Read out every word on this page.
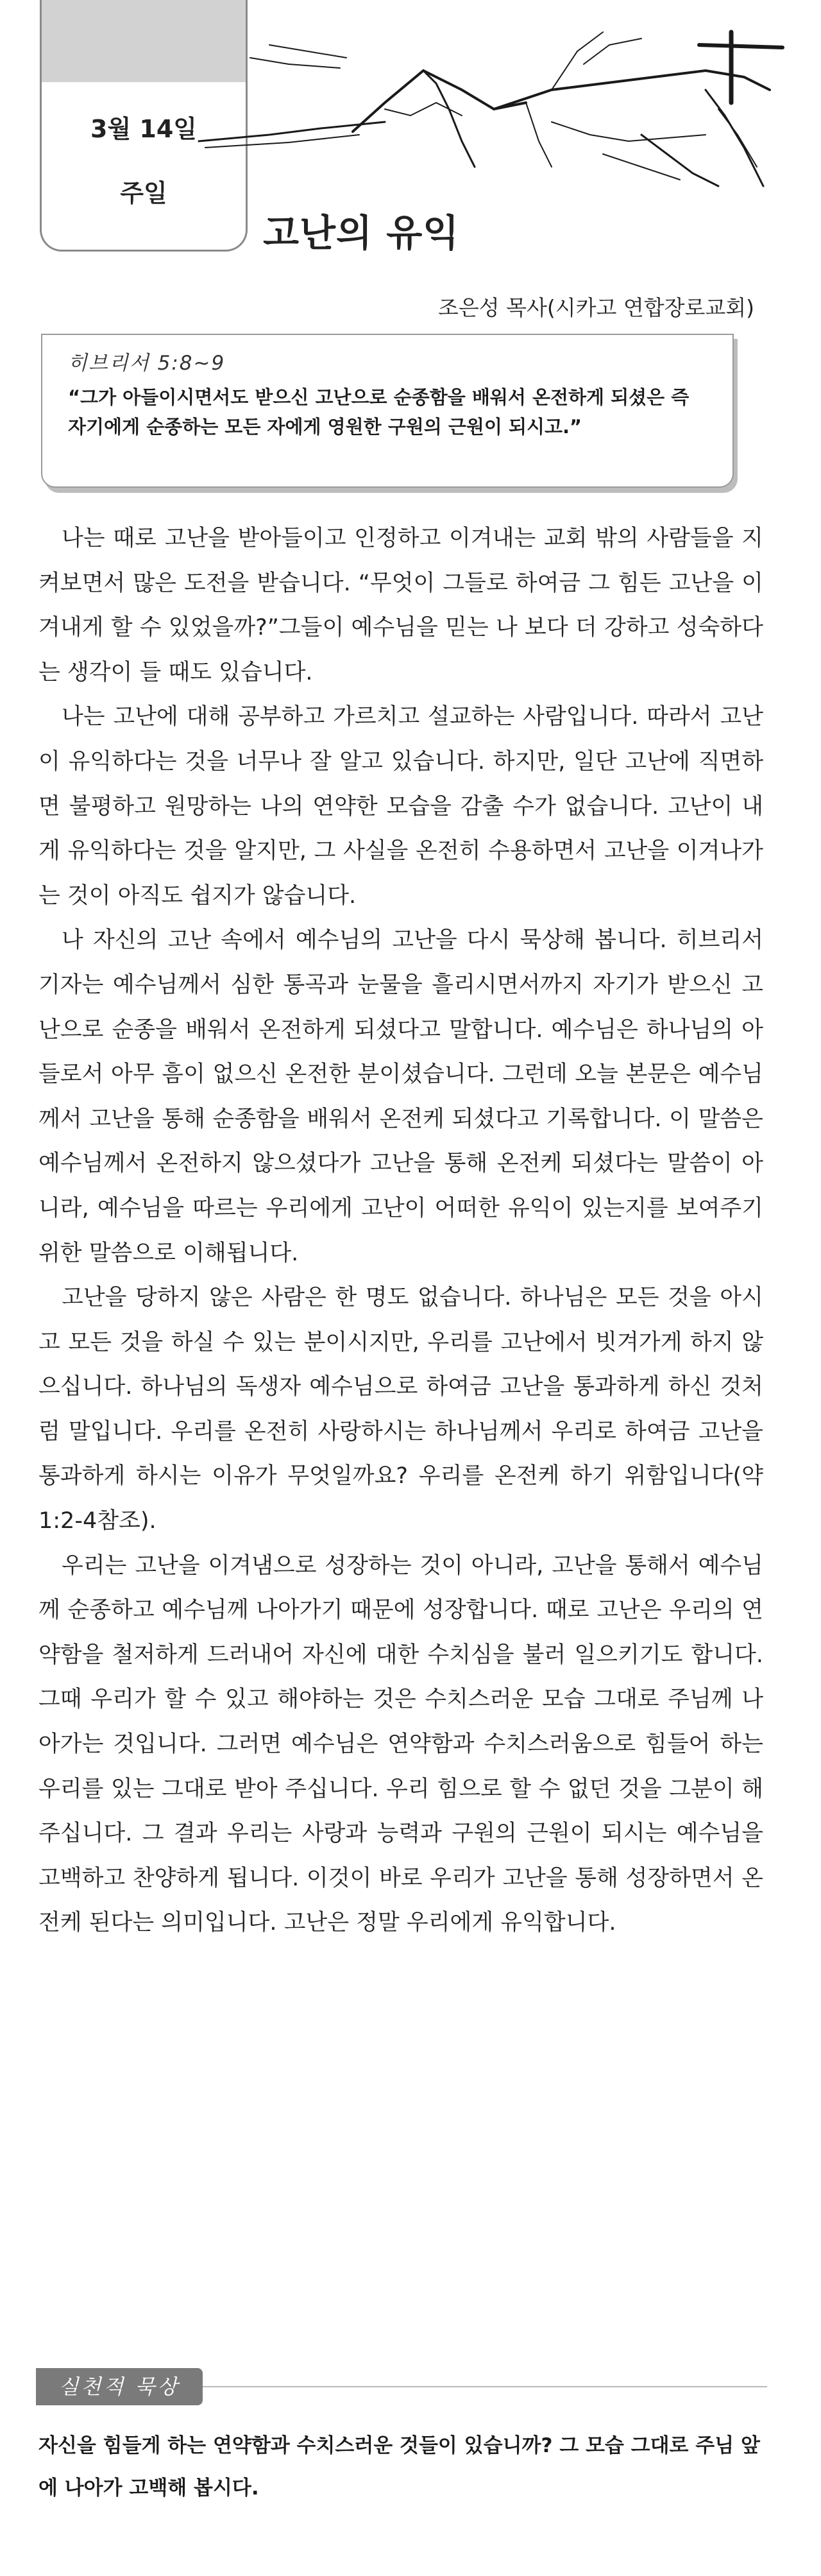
3월 14일
주일
고난의 유익
조은성 목사(시카고 연합장로교회)
히브리서 5:8~9
“그가 아들이시면서도 받으신 고난으로 순종함을 배워서 온전하게 되셨은 즉 자기에게 순종하는 모든 자에게 영원한 구원의 근원이 되시고.”

나는 때로 고난을 받아들이고 인정하고 이겨내는 교회 밖의 사람들을 지켜보면서 많은 도전을 받습니다. “무엇이 그들로 하여금 그 힘든 고난을 이겨내게 할 수 있었을까?”그들이 예수님을 믿는 나 보다 더 강하고 성숙하다는 생각이 들 때도 있습니다.

나는 고난에 대해 공부하고 가르치고 설교하는 사람입니다. 따라서 고난이 유익하다는 것을 너무나 잘 알고 있습니다. 하지만, 일단 고난에 직면하면 불평하고 원망하는 나의 연약한 모습을 감출 수가 없습니다. 고난이 내게 유익하다는 것을 알지만, 그 사실을 온전히 수용하면서 고난을 이겨나가는 것이 아직도 쉽지가 않습니다.

나 자신의 고난 속에서 예수님의 고난을 다시 묵상해 봅니다. 히브리서 기자는 예수님께서 심한 통곡과 눈물을 흘리시면서까지 자기가 받으신 고난으로 순종을 배워서 온전하게 되셨다고 말합니다. 예수님은 하나님의 아들로서 아무 흠이 없으신 온전한 분이셨습니다. 그런데 오늘 본문은 예수님께서 고난을 통해 순종함을 배워서 온전케 되셨다고 기록합니다. 이 말씀은 예수님께서 온전하지 않으셨다가 고난을 통해 온전케 되셨다는 말씀이 아니라, 예수님을 따르는 우리에게 고난이 어떠한 유익이 있는지를 보여주기 위한 말씀으로 이해됩니다.

고난을 당하지 않은 사람은 한 명도 없습니다. 하나님은 모든 것을 아시고 모든 것을 하실 수 있는 분이시지만, 우리를 고난에서 빗겨가게 하지 않으십니다. 하나님의 독생자 예수님으로 하여금 고난을 통과하게 하신 것처럼 말입니다. 우리를 온전히 사랑하시는 하나님께서 우리로 하여금 고난을 통과하게 하시는 이유가 무엇일까요? 우리를 온전케 하기 위함입니다(약 1:2-4참조).

우리는 고난을 이겨냄으로 성장하는 것이 아니라, 고난을 통해서 예수님께 순종하고 예수님께 나아가기 때문에 성장합니다. 때로 고난은 우리의 연약함을 철저하게 드러내어 자신에 대한 수치심을 불러 일으키기도 합니다. 그때 우리가 할 수 있고 해야하는 것은 수치스러운 모습 그대로 주님께 나아가는 것입니다. 그러면 예수님은 연약함과 수치스러움으로 힘들어 하는 우리를 있는 그대로 받아 주십니다. 우리 힘으로 할 수 없던 것을 그분이 해주십니다. 그 결과 우리는 사랑과 능력과 구원의 근원이 되시는 예수님을 고백하고 찬양하게 됩니다. 이것이 바로 우리가 고난을 통해 성장하면서 온전케 된다는 의미입니다. 고난은 정말 우리에게 유익합니다.

실천적 묵상
자신을 힘들게 하는 연약함과 수치스러운 것들이 있습니까? 그 모습 그대로 주님 앞에 나아가 고백해 봅시다.
